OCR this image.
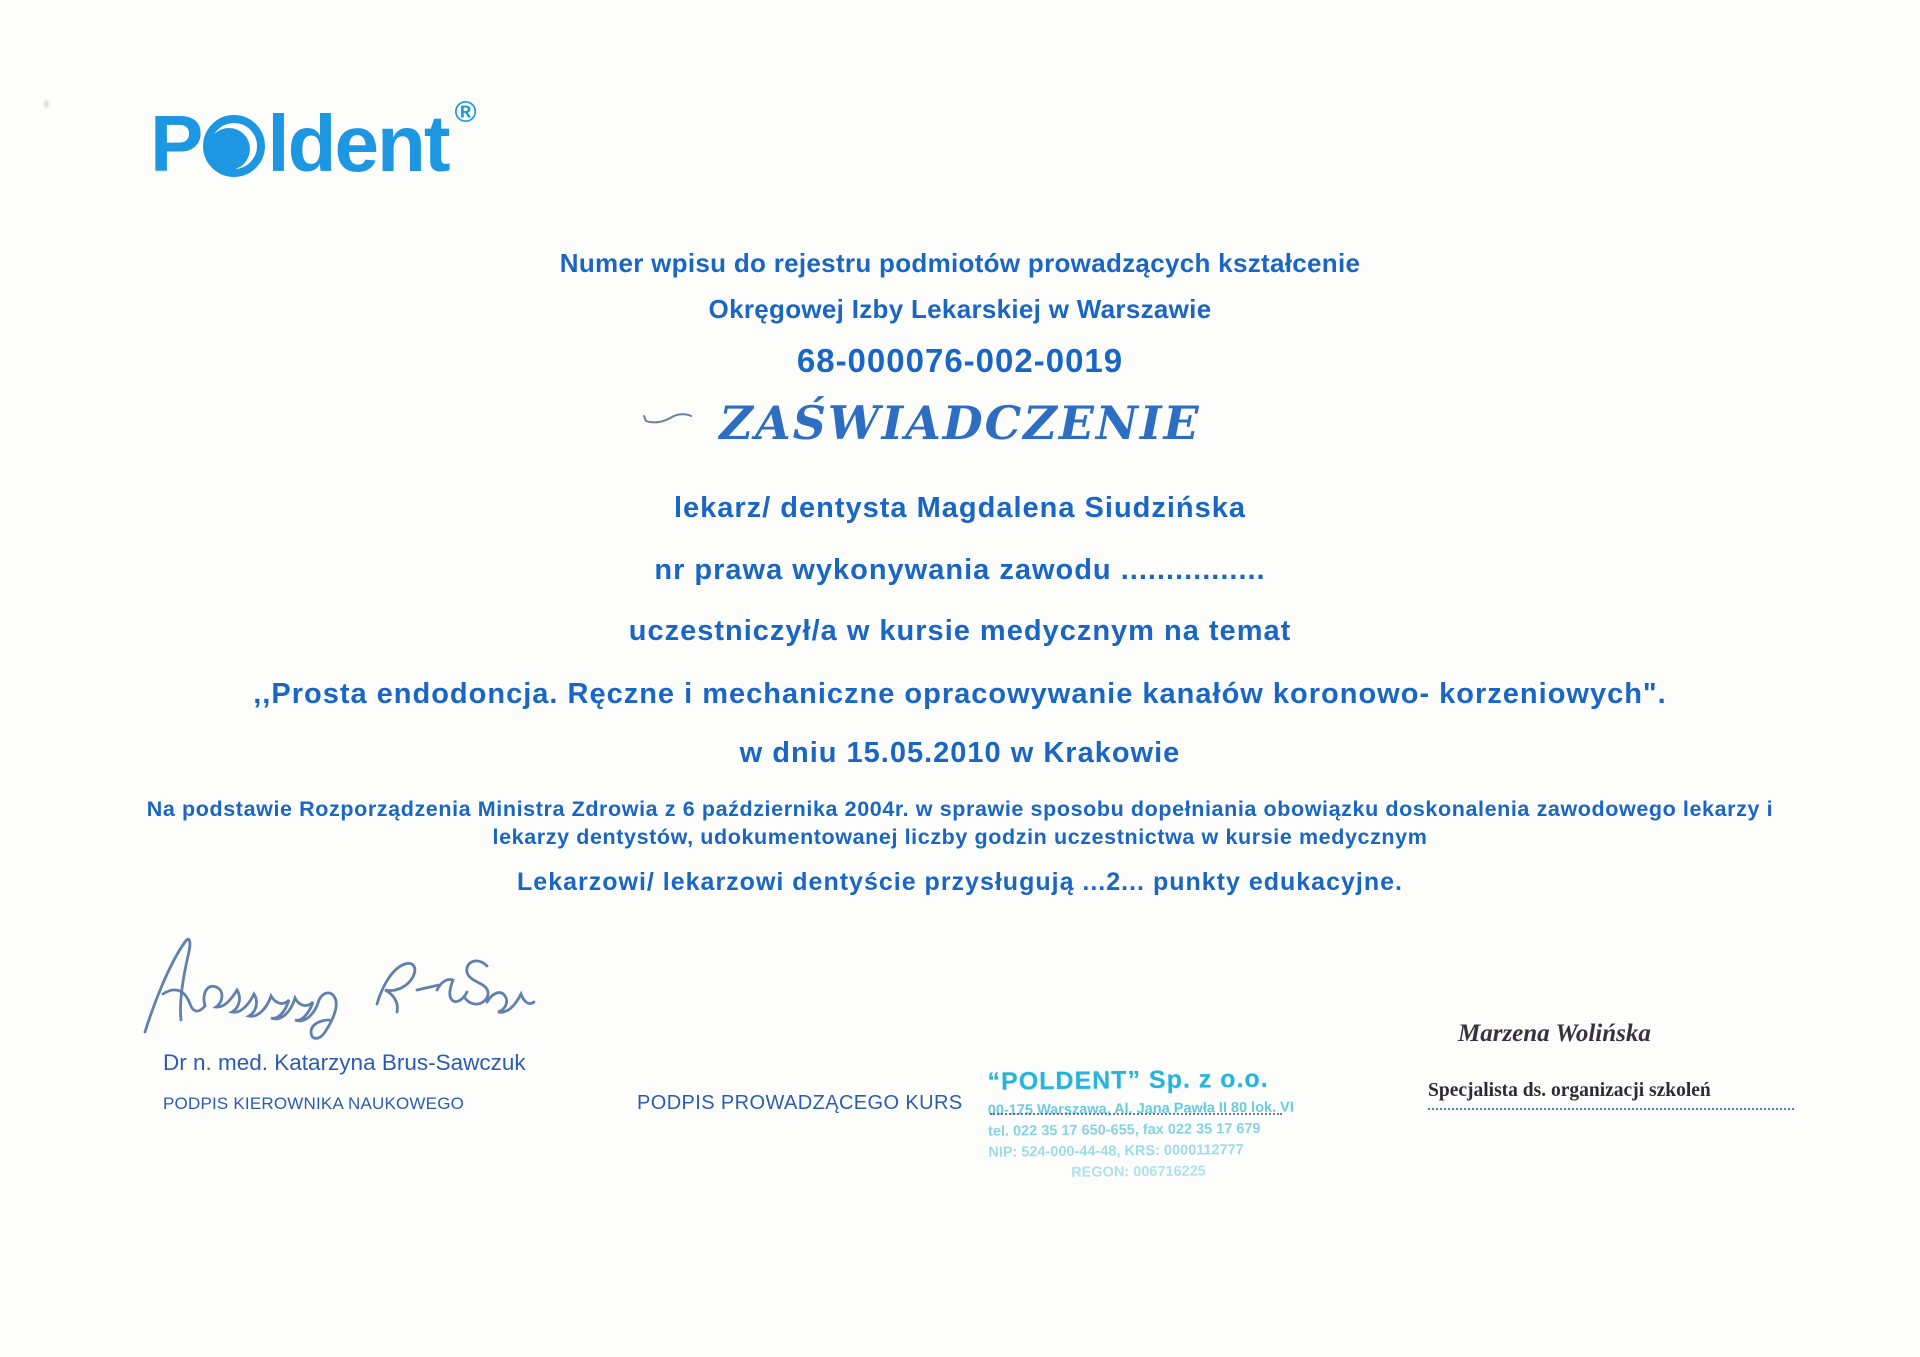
P ldent ®
Numer wpisu do rejestru podmiotów prowadzących kształcenie
Okręgowej Izby Lekarskiej w Warszawie
68-000076-002-0019
ZAŚWIADCZENIE
lekarz/ dentysta Magdalena Siudzińska
nr prawa wykonywania zawodu ................
uczestniczył/a w kursie medycznym na temat
,,Prosta endodoncja. Ręczne i mechaniczne opracowywanie kanałów koronowo- korzeniowych".
w dniu 15.05.2010 w Krakowie
Na podstawie Rozporządzenia Ministra Zdrowia z 6 października 2004r. w sprawie sposobu dopełniania obowiązku doskonalenia zawodowego lekarzy i
lekarzy dentystów, udokumentowanej liczby godzin uczestnictwa w kursie medycznym
Lekarzowi/ lekarzowi dentyście przysługują ...2... punkty edukacyjne.
Dr n. med. Katarzyna Brus-Sawczuk
PODPIS KIEROWNIKA NAUKOWEGO	PODPIS PROWADZĄCEGO KURS
“POLDENT” Sp. z o.o.
00-175 Warszawa, Al. Jana Pawła II 80 lok. VI
tel. 022 35 17 650-655, fax 022 35 17 679
NIP: 524-000-44-48, KRS: 0000112777
REGON: 006716225
Marzena Wolińska
Specjalista ds. organizacji szkoleń
